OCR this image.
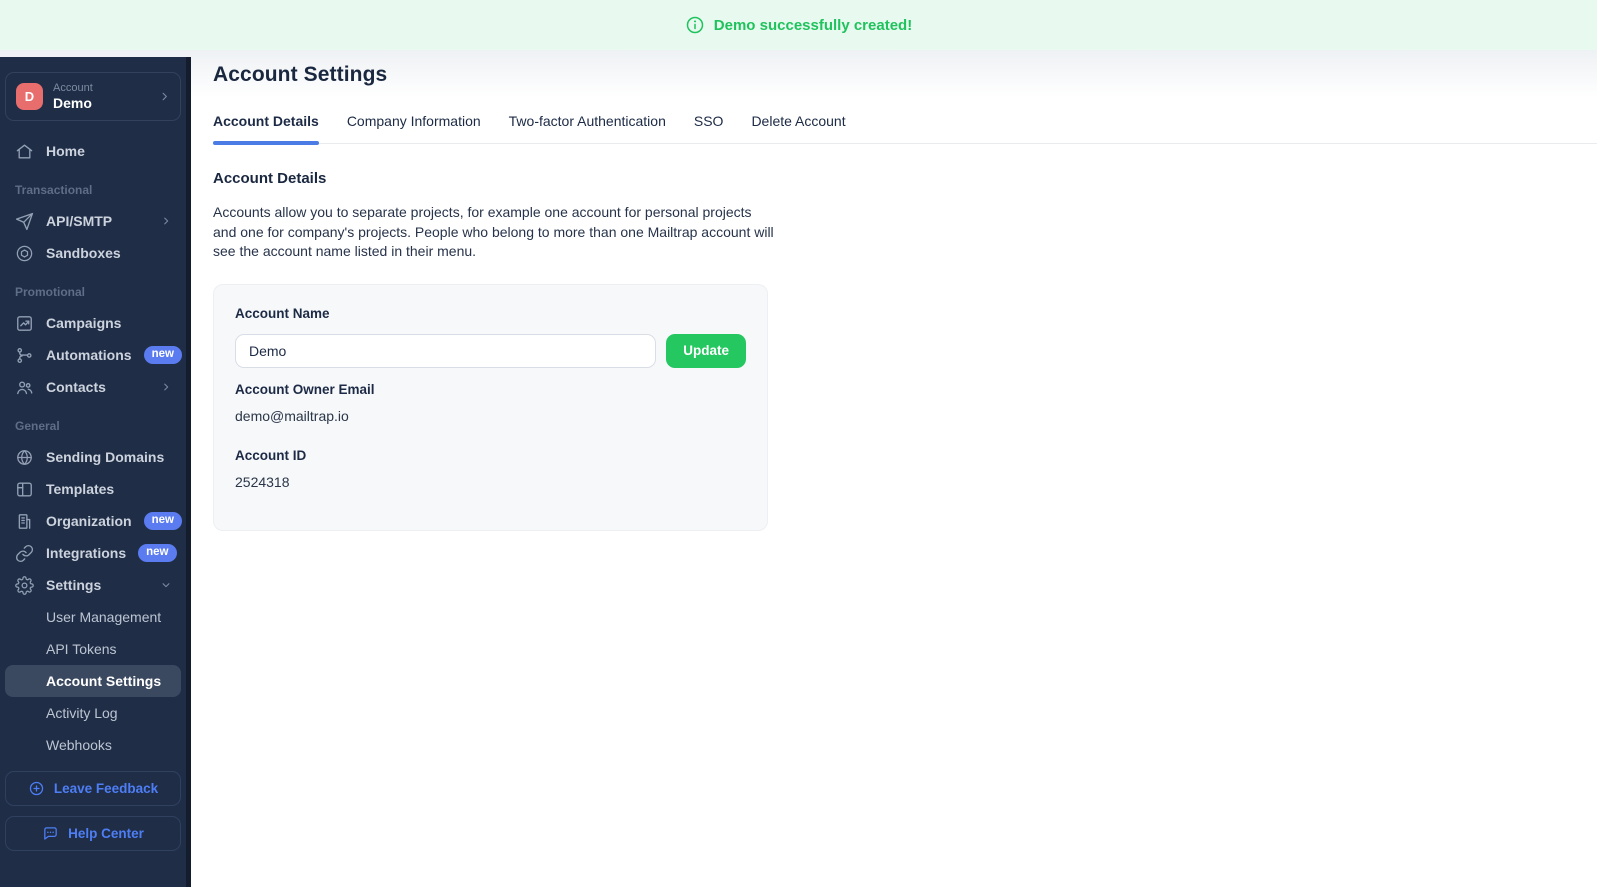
Demo successfully created!
D
Account
Demo
Home
Transactional
API/SMTP
Sandboxes
Promotional
Campaigns
Automations	new
Contacts
General
Sending Domains
Templates
Organization	new
Integrations	new
Settings
User Management
API Tokens
Account Settings
Activity Log
Webhooks
Leave Feedback
Help Center
Account Settings
Account Details Company Information Two-factor Authentication SSO Delete Account
Account Details

Accounts allow you to separate projects, for example one account for personal projects and one for company's projects. People who belong to more than one Mailtrap account will see the account name listed in their menu.

Account Name
Demo
Update
Account Owner Email
demo@mailtrap.io
Account ID
2524318
